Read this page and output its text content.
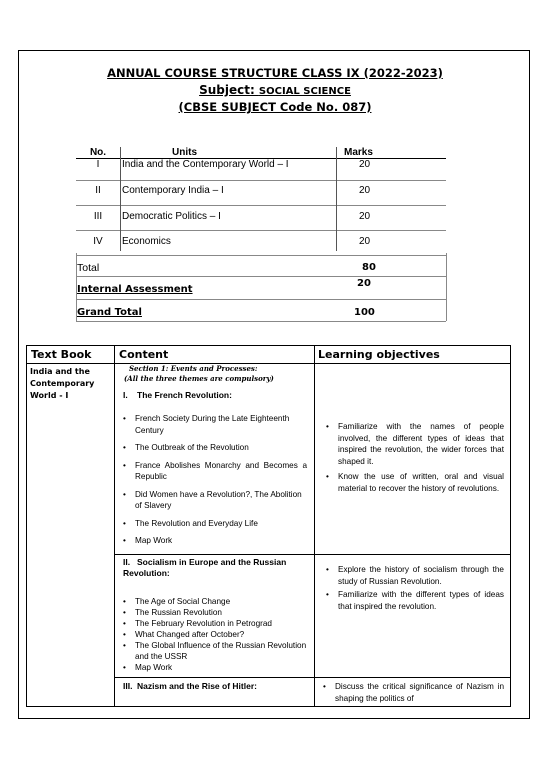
ANNUAL COURSE STRUCTURE CLASS IX (2022-2023)
Subject: SOCIAL SCIENCE
(CBSE SUBJECT Code No. 087)
No.	Units	Marks
I	India and the Contemporary World – I	20
II	Contemporary India – I	20
III	Democratic Politics – I	20
IV	Economics	20
Total	80
Internal Assessment
20
Grand Total	100
Text Book	Content	Learning objectives
India and the Contemporary World - I
Section 1: Events and Processes:
(All the three themes are compulsory)
I. The French Revolution:
• French Society During the Late Eighteenth Century
• The Outbreak of the Revolution
• France Abolishes Monarchy and Becomes a Republic
• Did Women have a Revolution?, The Abolition of Slavery
• The Revolution and Everyday Life
• Map Work
• Familiarize with the names of people involved, the different types of ideas that inspired the revolution, the wider forces that shaped it.
• Know the use of written, oral and visual material to recover the history of revolutions.
II. Socialism in Europe and the Russian Revolution:
• The Age of Social Change
• The Russian Revolution
• The February Revolution in Petrograd
• What Changed after October?
• The Global Influence of the Russian Revolution and the USSR
• Map Work
• Explore the history of socialism through the study of Russian Revolution.
• Familiarize with the different types of ideas that inspired the revolution.
III. Nazism and the Rise of Hitler:
•	Discuss the critical significance of Nazism in shaping the politics of
